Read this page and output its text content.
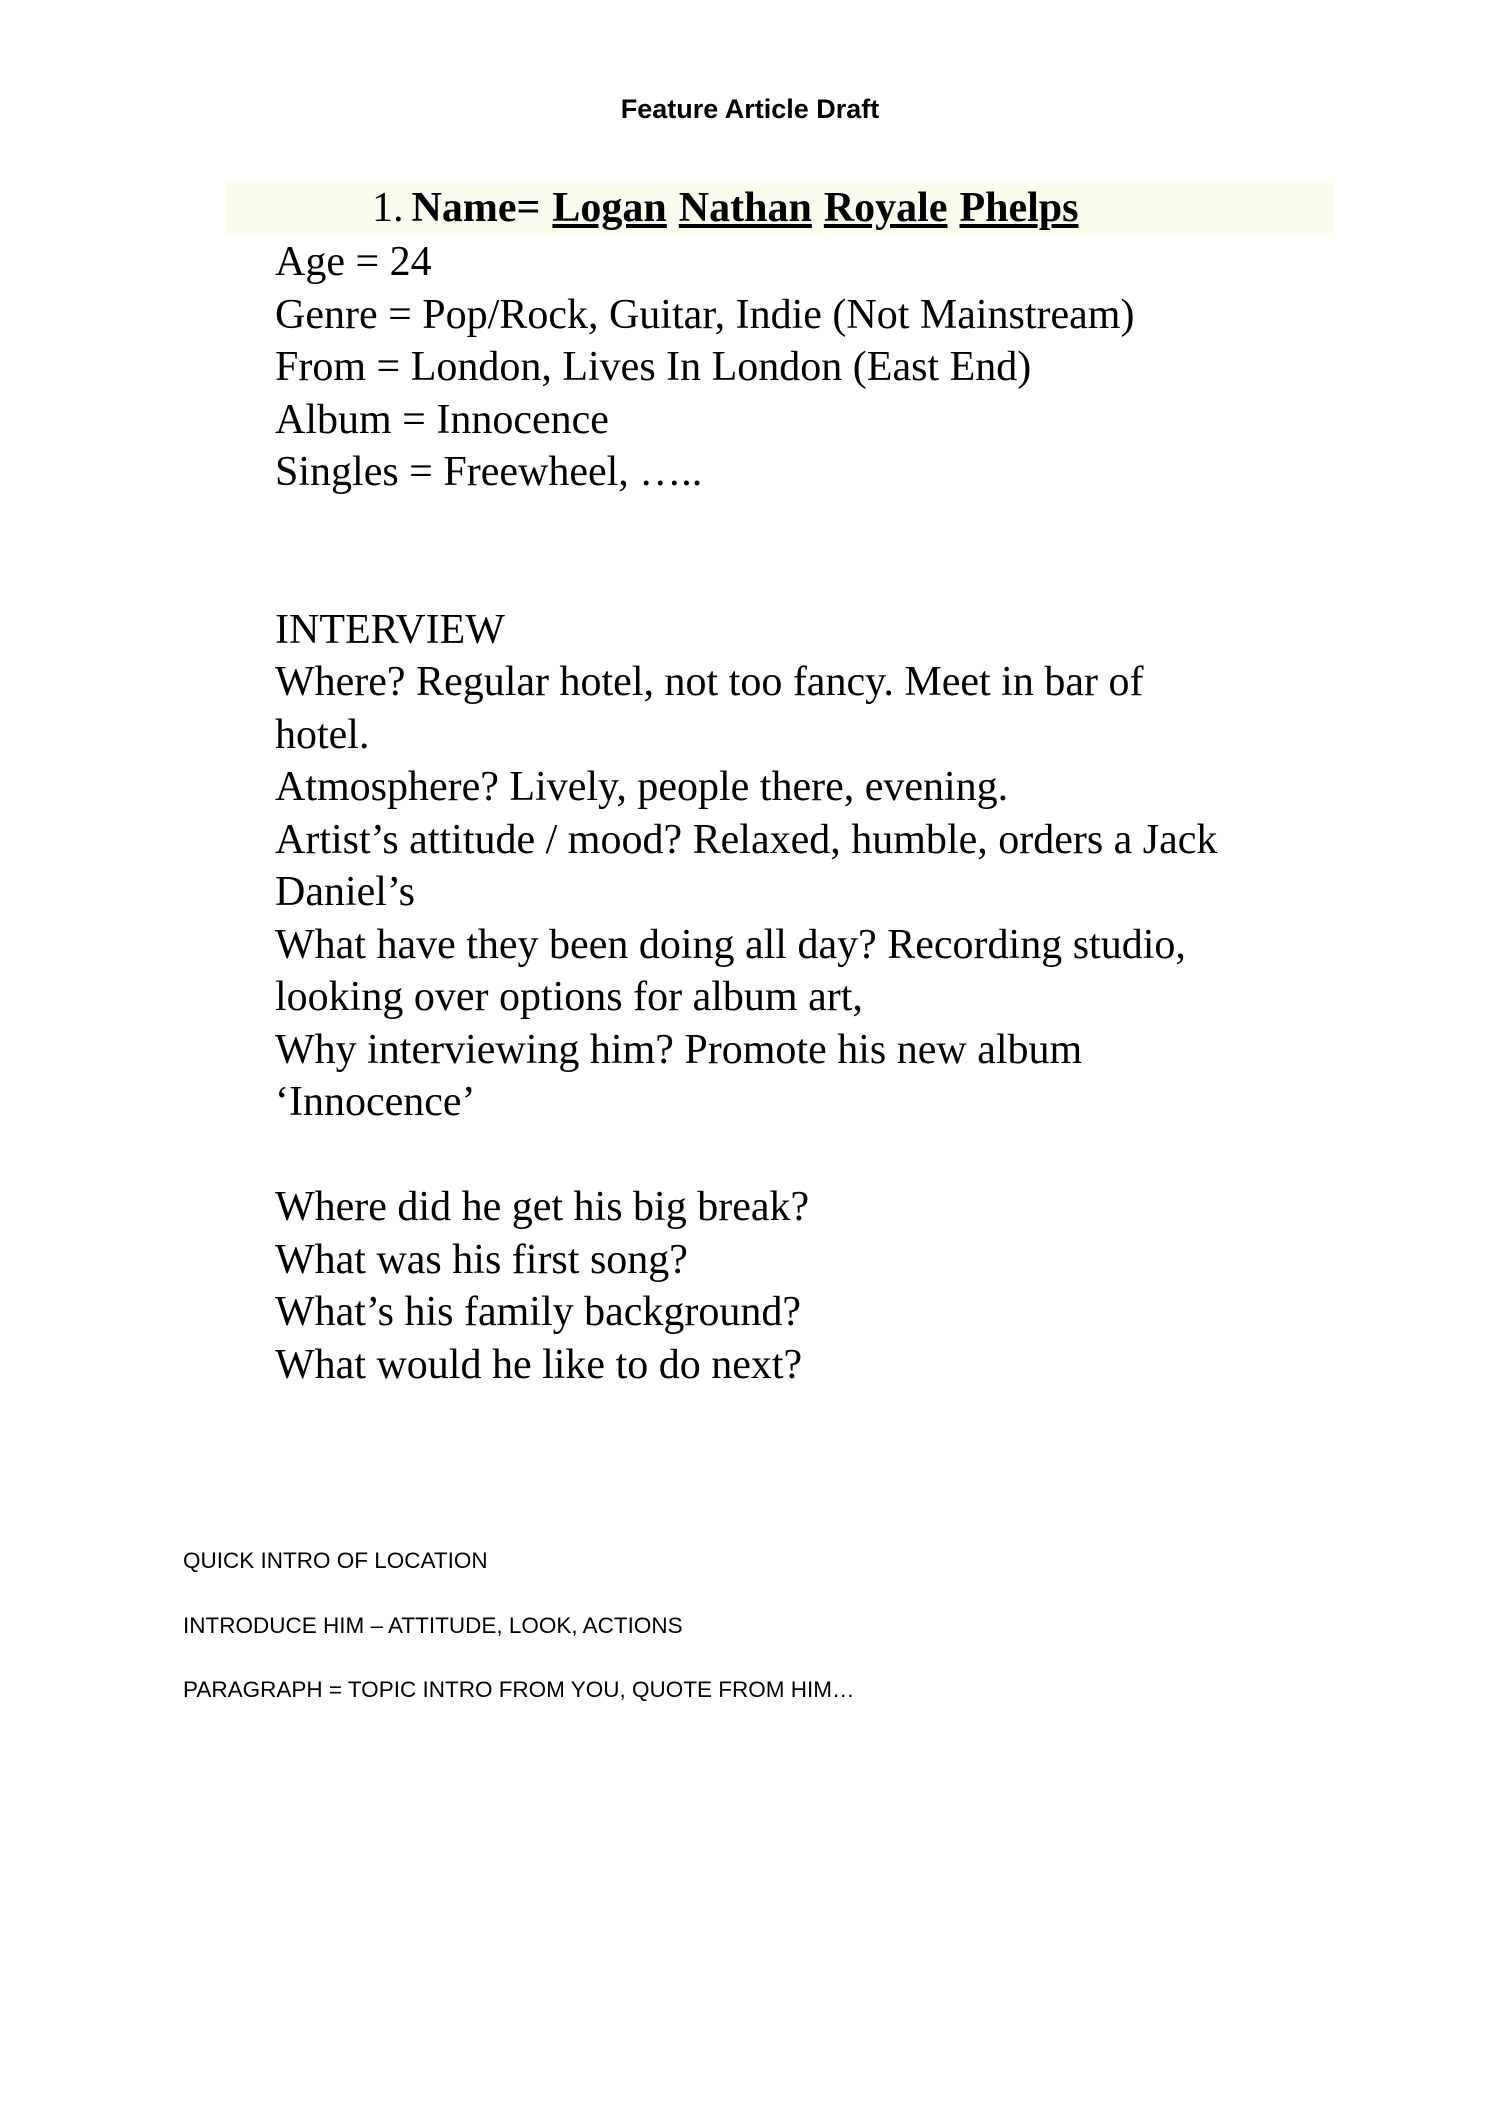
Feature Article Draft
1. Name= Logan Nathan Royale Phelps
Age = 24
Genre = Pop/Rock, Guitar, Indie (Not Mainstream)
From = London, Lives In London (East End)
Album = Innocence
Singles = Freewheel, …..
INTERVIEW
Where? Regular hotel, not too fancy. Meet in bar of
hotel.
Atmosphere? Lively, people there, evening.
Artist’s attitude / mood? Relaxed, humble, orders a Jack
Daniel’s
What have they been doing all day? Recording studio,
looking over options for album art,
Why interviewing him? Promote his new album
‘Innocence’
Where did he get his big break?
What was his first song?
What’s his family background?
What would he like to do next?
QUICK INTRO OF LOCATION
INTRODUCE HIM – ATTITUDE, LOOK, ACTIONS
PARAGRAPH = TOPIC INTRO FROM YOU, QUOTE FROM HIM…
